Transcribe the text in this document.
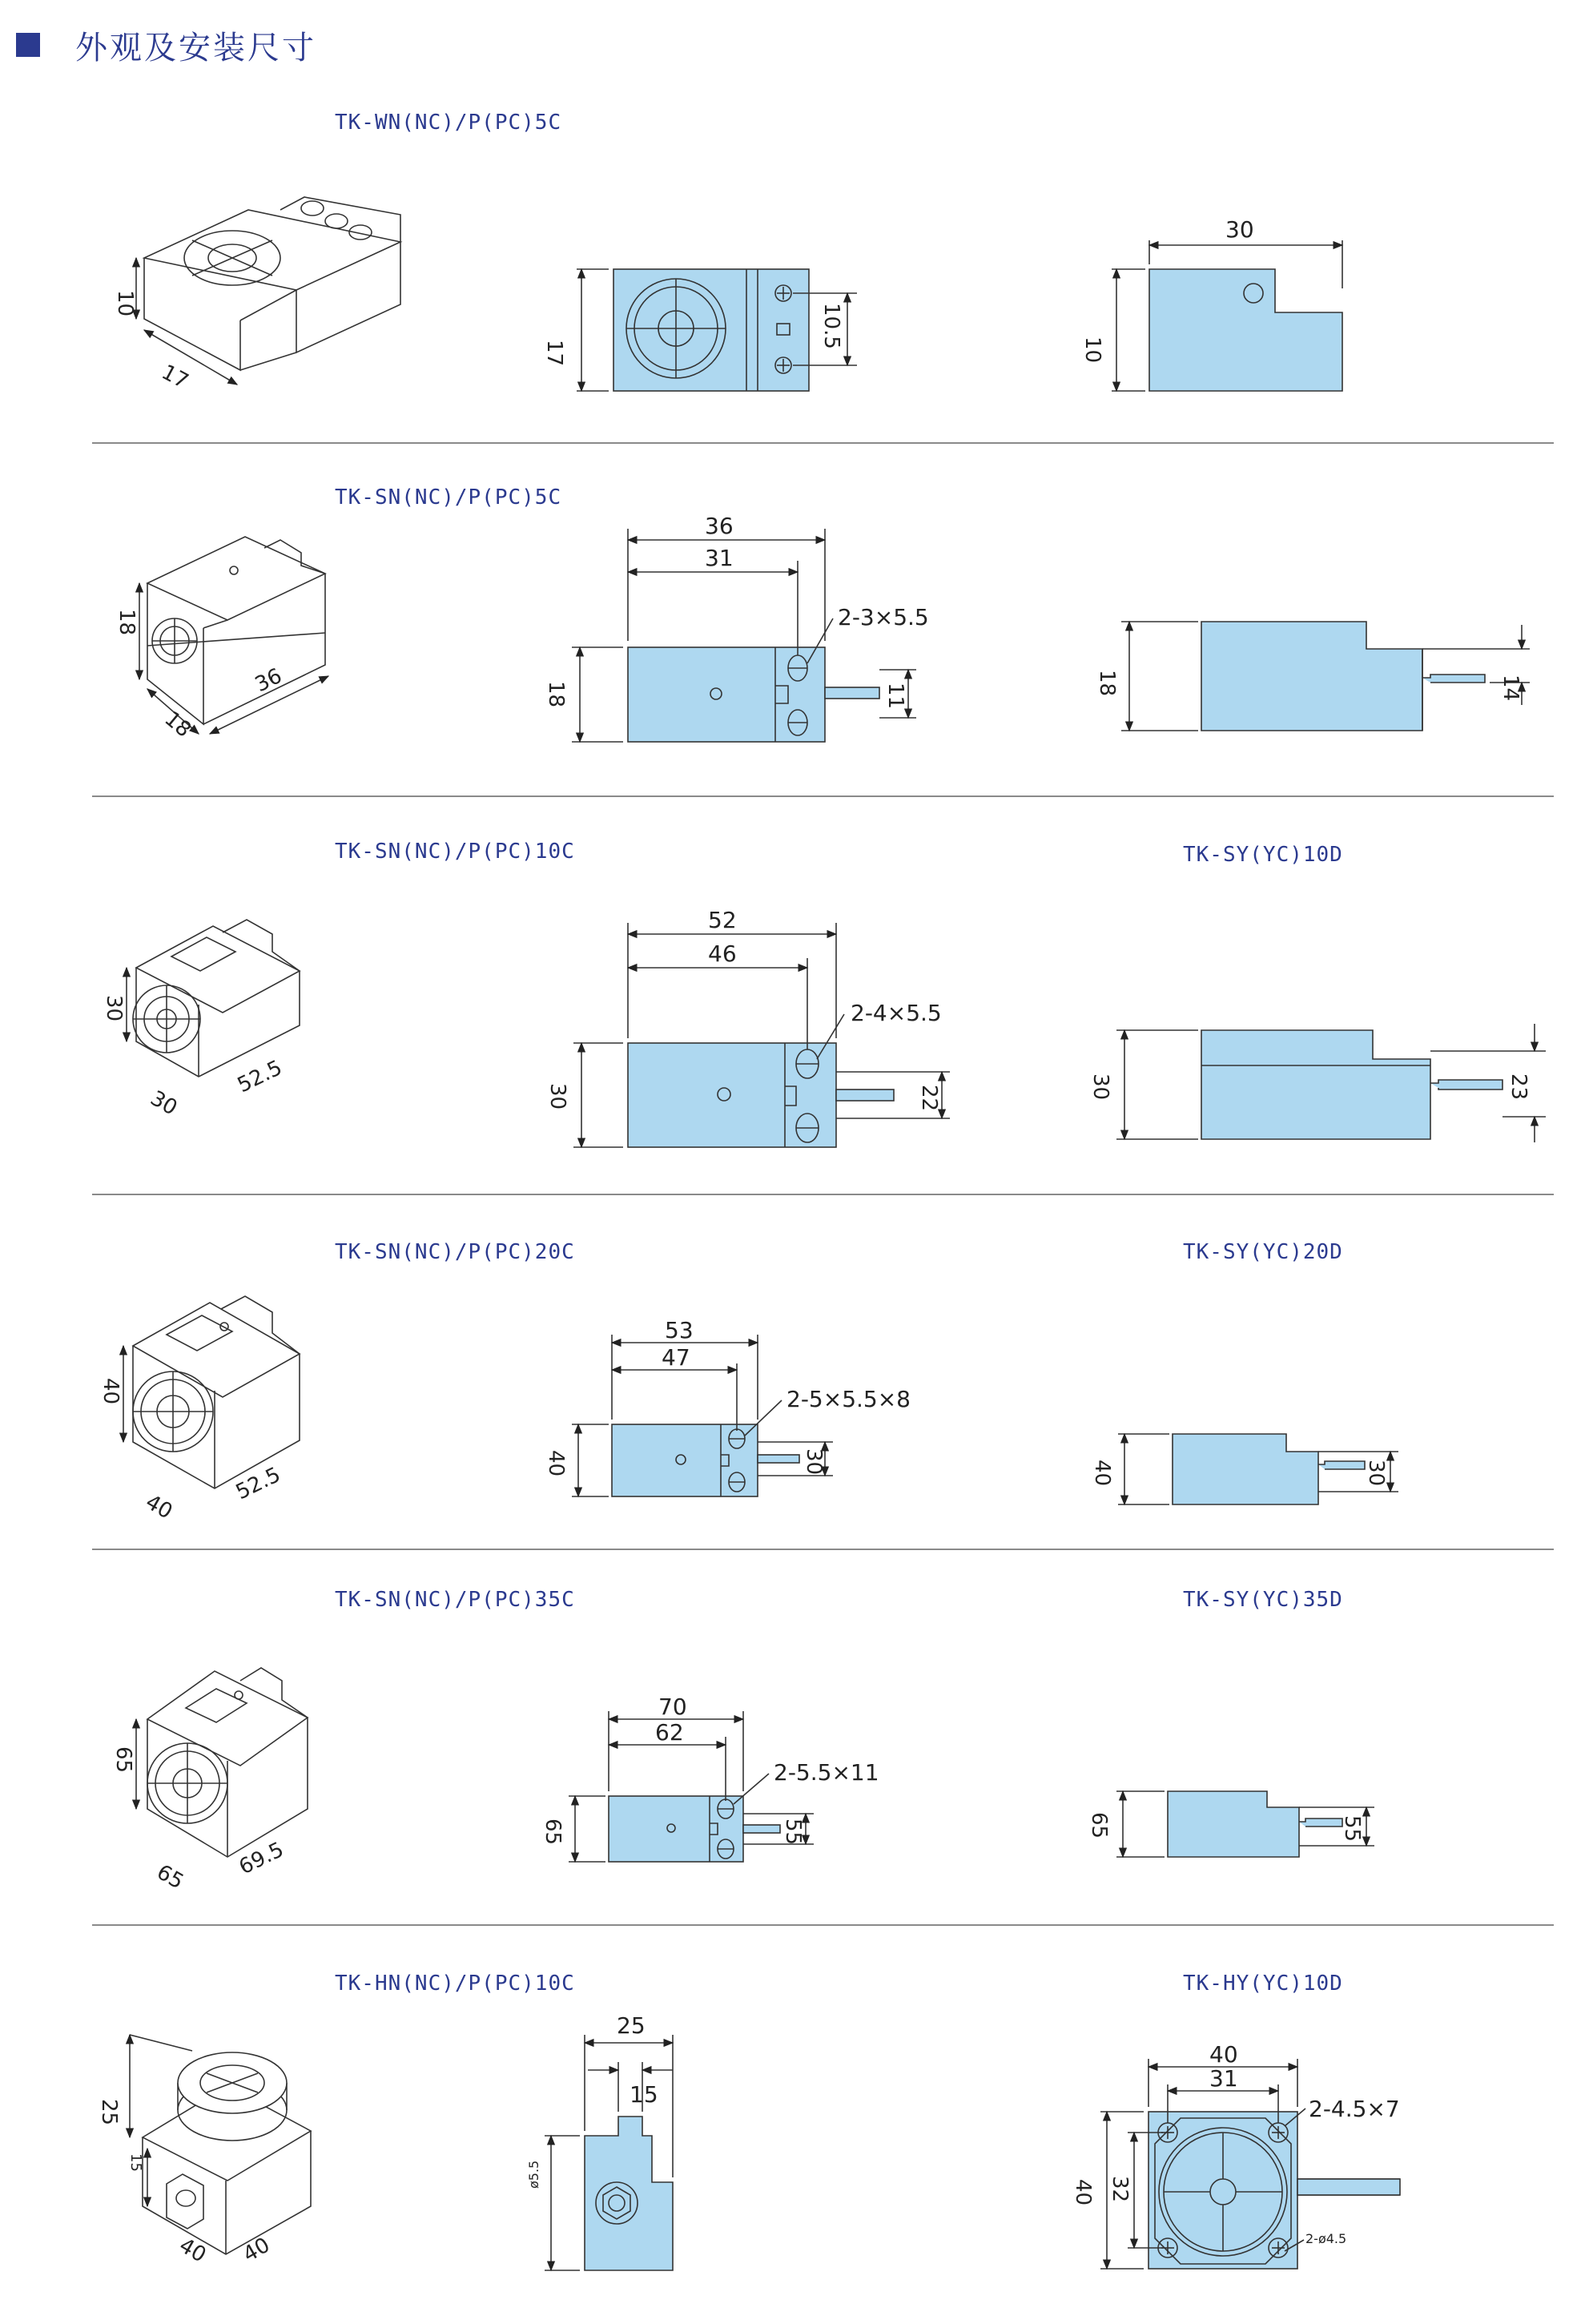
外观及安装尺寸
TK-WN(NC)/P(PC)5C
TK-SN(NC)/P(PC)5C
TK-SN(NC)/P(PC)10C	TK-SY(YC)10D
TK-SN(NC)/P(PC)20C	TK-SY(YC)20D
TK-SN(NC)/P(PC)35C	TK-SY(YC)35D
TK-HN(NC)/P(PC)10C	TK-HY(YC)10D
10
17
17
10.5
30
10
18
18
36
36
31
2-3×5.5
18	11	18	14
30
30
52.5
52
46
2-4×5.5
30	22	30	23
40
40
52.5
53
47
2-5×5.5×8
40	30	40	30
65
65 69.5
70
62
2-5.5×11
65	55	65	55
25
15
40 40
25
15
ø5.5
40
31
2-4.5×7
40 32
2-ø4.5
